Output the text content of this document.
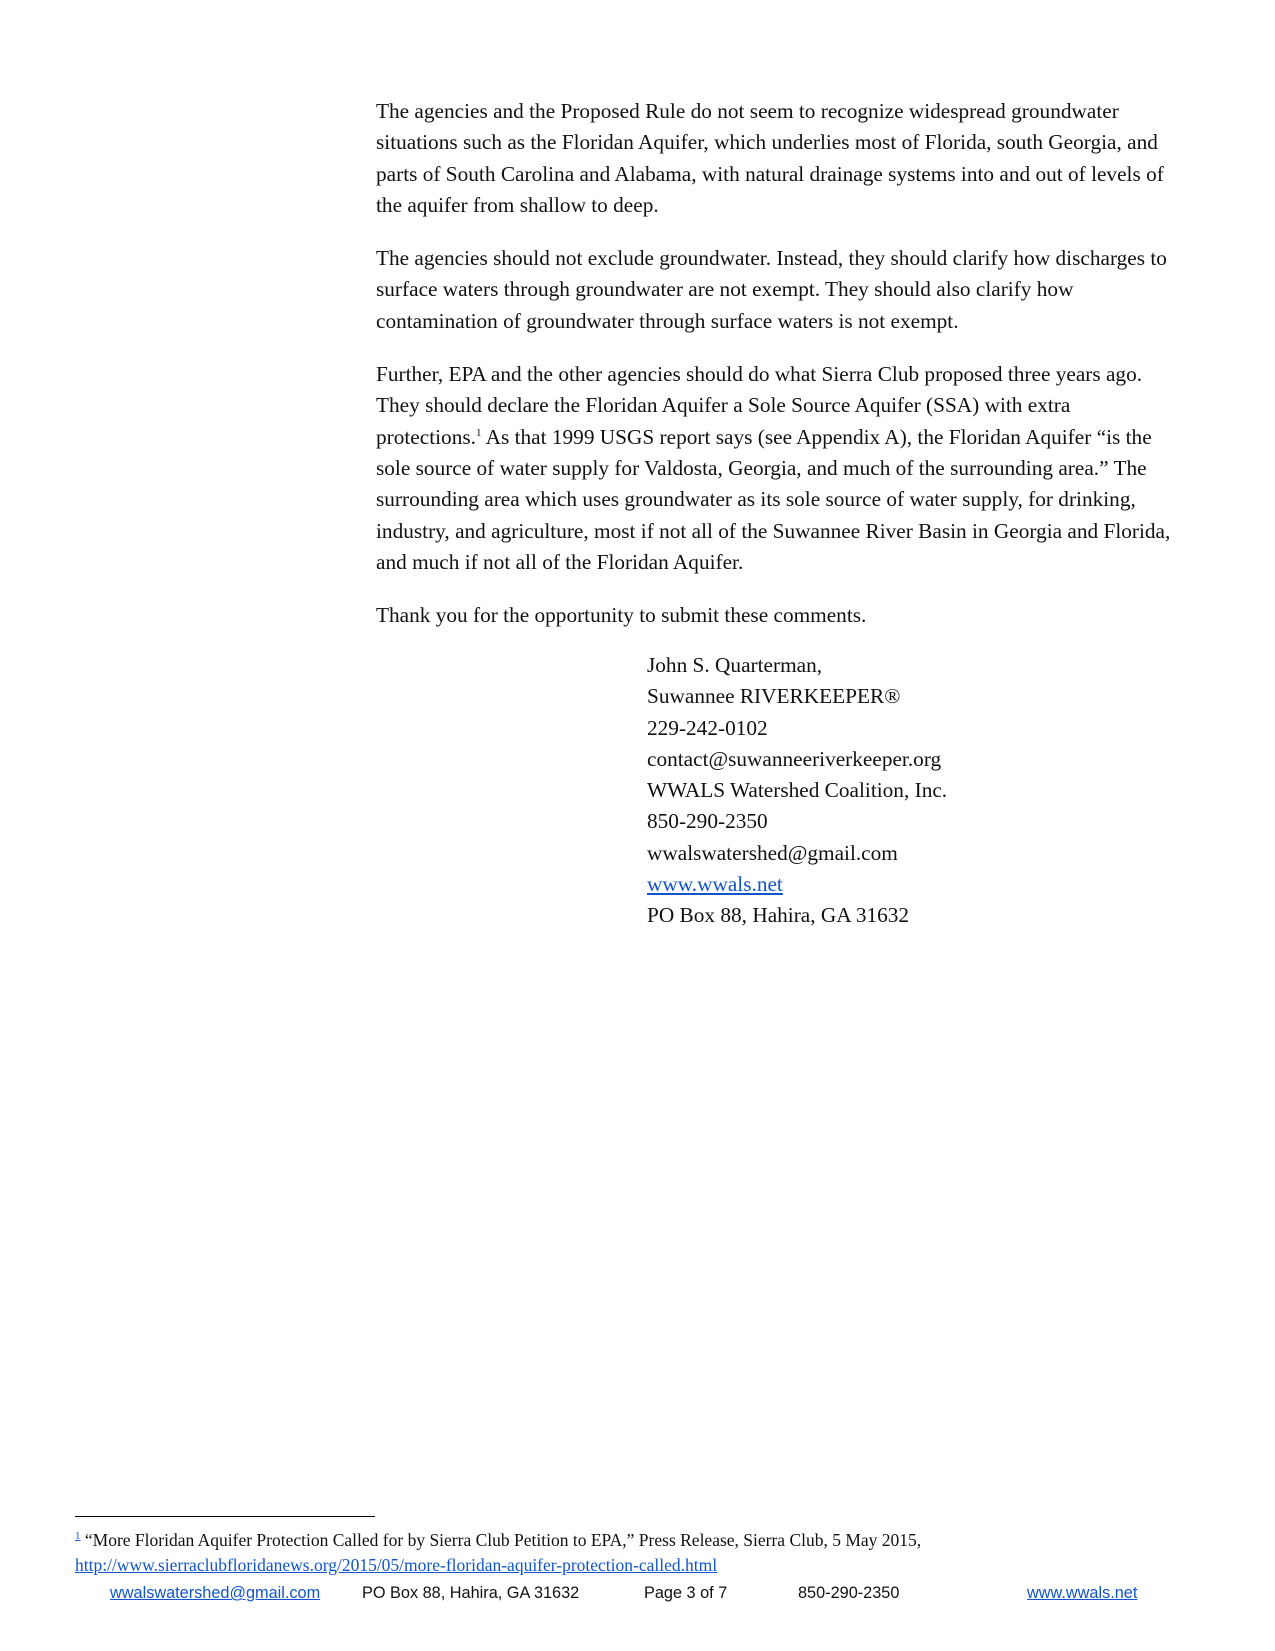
The agencies and the Proposed Rule do not seem to recognize widespread groundwater situations such as the Floridan Aquifer, which underlies most of Florida, south Georgia, and parts of South Carolina and Alabama, with natural drainage systems into and out of levels of the aquifer from shallow to deep.

The agencies should not exclude groundwater. Instead, they should clarify how discharges to surface waters through groundwater are not exempt. They should also clarify how contamination of groundwater through surface waters is not exempt.

Further, EPA and the other agencies should do what Sierra Club proposed three years ago. They should declare the Floridan Aquifer a Sole Source Aquifer (SSA) with extra protections.$^1$ As that 1999 USGS report says (see Appendix A), the Floridan Aquifer “is the sole source of water supply for Valdosta, Georgia, and much of the surrounding area.” The surrounding area which uses groundwater as its sole source of water supply, for drinking, industry, and agriculture, most if not all of the Suwannee River Basin in Georgia and Florida, and much if not all of the Floridan Aquifer.

Thank you for the opportunity to submit these comments.

John S. Quarterman,
Suwannee RIVERKEEPER®
229-242-0102
contact@suwanneeriverkeeper.org
WWALS Watershed Coalition, Inc.
850-290-2350
wwalswatershed@gmail.com
www.wwals.net
PO Box 88, Hahira, GA 31632
$^1$ “More Floridan Aquifer Protection Called for by Sierra Club Petition to EPA,” Press Release, Sierra Club, 5 May 2015,
http://www.sierraclubfloridanews.org/2015/05/more-floridan-aquifer-protection-called.html
wwalswatershed@gmail.com	PO Box 88, Hahira, GA 31632	Page 3 of 7	850-290-2350	www.wwals.net
